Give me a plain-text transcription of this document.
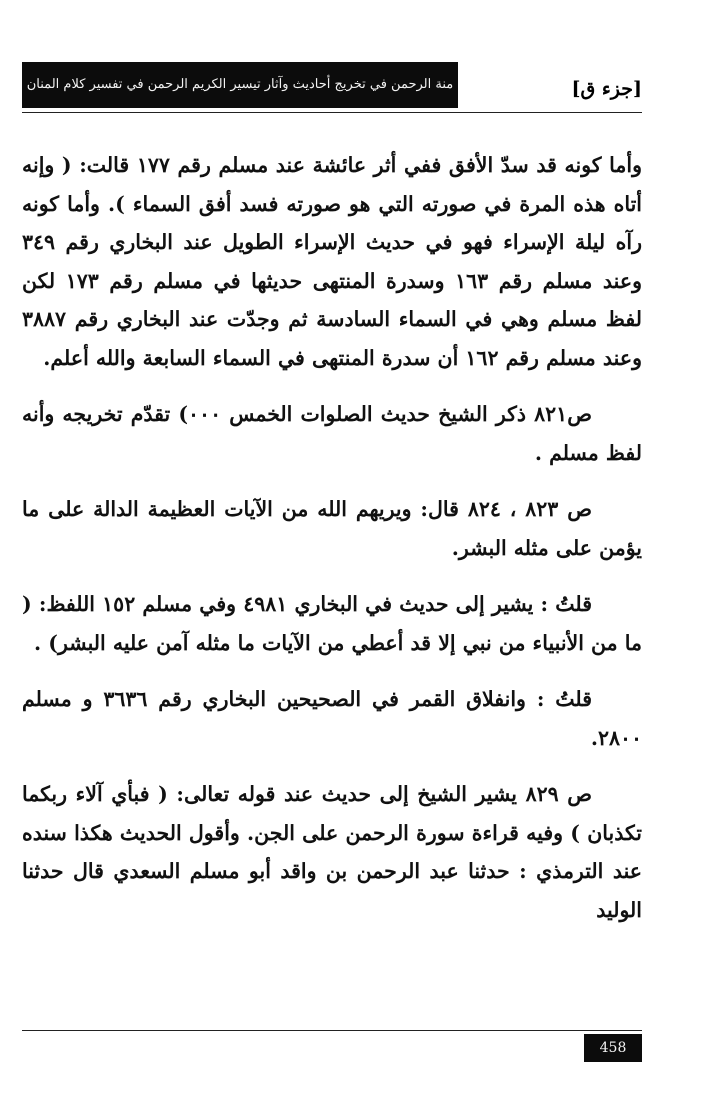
[جزء ق]
منة الرحمن في تخريج أحاديث وآثار تيسير الكريم الرحمن في تفسير كلام المنان

وأما كونه قد سدّ الأفق ففي أثر عائشة عند مسلم رقم ١٧٧ قالت: ( وإنه أتاه هذه المرة في صورته التي هو صورته فسد أفق السماء ). وأما كونه رآه ليلة الإسراء فهو في حديث الإسراء الطويل عند البخاري رقم ٣٤٩ وعند مسلم رقم ١٦٣ وسدرة المنتهى حديثها في مسلم رقم ١٧٣ لكن لفظ مسلم وهي في السماء السادسة ثم وجدّت عند البخاري رقم ٣٨٨٧ وعند مسلم رقم ١٦٢ أن سدرة المنتهى في السماء السابعة والله أعلم.

ص٨٢١ ذكر الشيخ حديث الصلوات الخمس ٠٠٠) تقدّم تخريجه وأنه لفظ مسلم .

ص ٨٢٣ ، ٨٢٤ قال: ويريهم الله من الآيات العظيمة الدالة على ما يؤمن على مثله البشر.

قلتُ : يشير إلى حديث في البخاري ٤٩٨١ وفي مسلم ١٥٢ اللفظ: ( ما من الأنبياء من نبي إلا قد أعطي من الآيات ما مثله آمن عليه البشر) .

قلتُ : وانفلاق القمر في الصحيحين البخاري رقم ٣٦٣٦ و مسلم ٢٨٠٠.

ص ٨٢٩ يشير الشيخ إلى حديث عند قوله تعالى: ( فبأي آلاء ربكما تكذبان ) وفيه قراءة سورة الرحمن على الجن. وأقول الحديث هكذا سنده عند الترمذي : حدثنا عبد الرحمن بن واقد أبو مسلم السعدي قال حدثنا الوليد

458
